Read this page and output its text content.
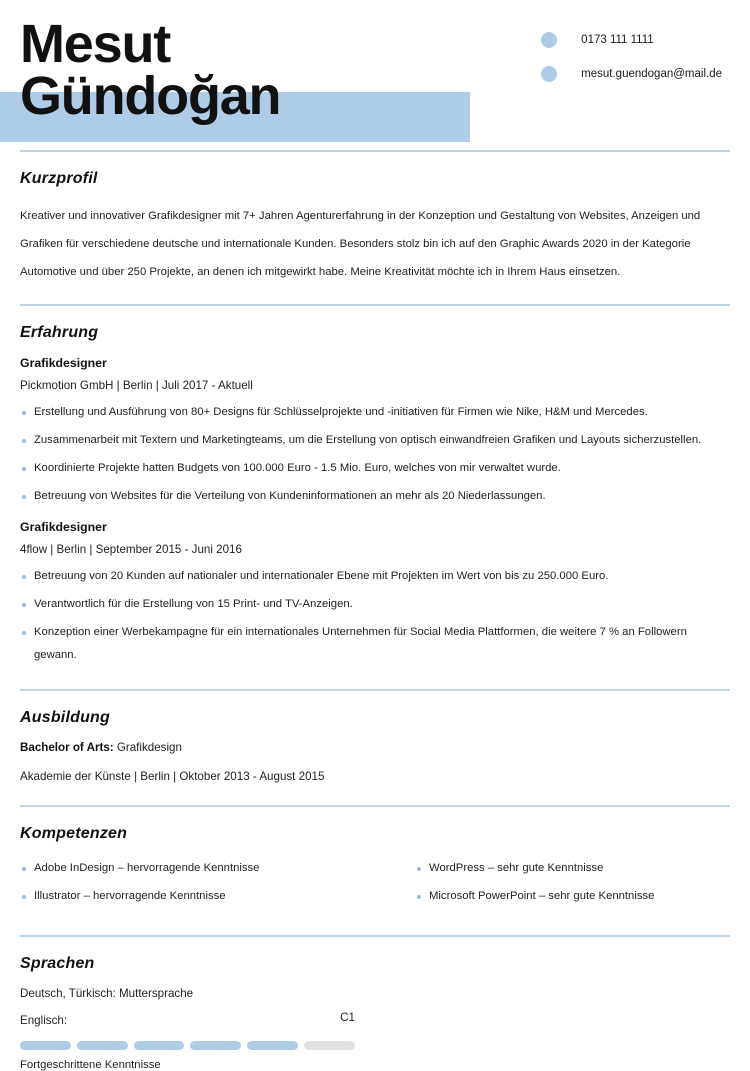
Mesut
Gündoğan
0173 111 1111
mesut.guendogan@mail.de
Kurzprofil

Kreativer und innovativer Grafikdesigner mit 7+ Jahren Agenturerfahrung in der Konzeption und Gestaltung von Websites, Anzeigen und Grafiken für verschiedene deutsche und internationale Kunden. Besonders stolz bin ich auf den Graphic Awards 2020 in der Kategorie Automotive und über 250 Projekte, an denen ich mitgewirkt habe. Meine Kreativität möchte ich in Ihrem Haus einsetzen.

Erfahrung
Grafikdesigner
Pickmotion GmbH | Berlin | Juli 2017 - Aktuell
Erstellung und Ausführung von 80+ Designs für Schlüsselprojekte und -initiativen für Firmen wie Nike, H&M und Mercedes.
Zusammenarbeit mit Textern und Marketingteams, um die Erstellung von optisch einwandfreien Grafiken und Layouts sicherzustellen.
Koordinierte Projekte hatten Budgets von 100.000 Euro - 1.5 Mio. Euro, welches von mir verwaltet wurde.
Betreuung von Websites für die Verteilung von Kundeninformationen an mehr als 20 Niederlassungen.
Grafikdesigner
4flow | Berlin | September 2015 - Juni 2016
Betreuung von 20 Kunden auf nationaler und internationaler Ebene mit Projekten im Wert von bis zu 250.000 Euro.
Verantwortlich für die Erstellung von 15 Print- und TV-Anzeigen.
Konzeption einer Werbekampagne für ein internationales Unternehmen für Social Media Plattformen, die weitere 7 % an Followern gewann.
Ausbildung

Bachelor of Arts: Grafikdesign

Akademie der Künste | Berlin | Oktober 2013 - August 2015

Kompetenzen
Adobe InDesign – hervorragende Kenntnisse
Illustrator – hervorragende Kenntnisse
WordPress – sehr gute Kenntnisse
Microsoft PowerPoint – sehr gute Kenntnisse
Sprachen

Deutsch, Türkisch: Muttersprache

Englisch:	C1

Fortgeschrittene Kenntnisse
